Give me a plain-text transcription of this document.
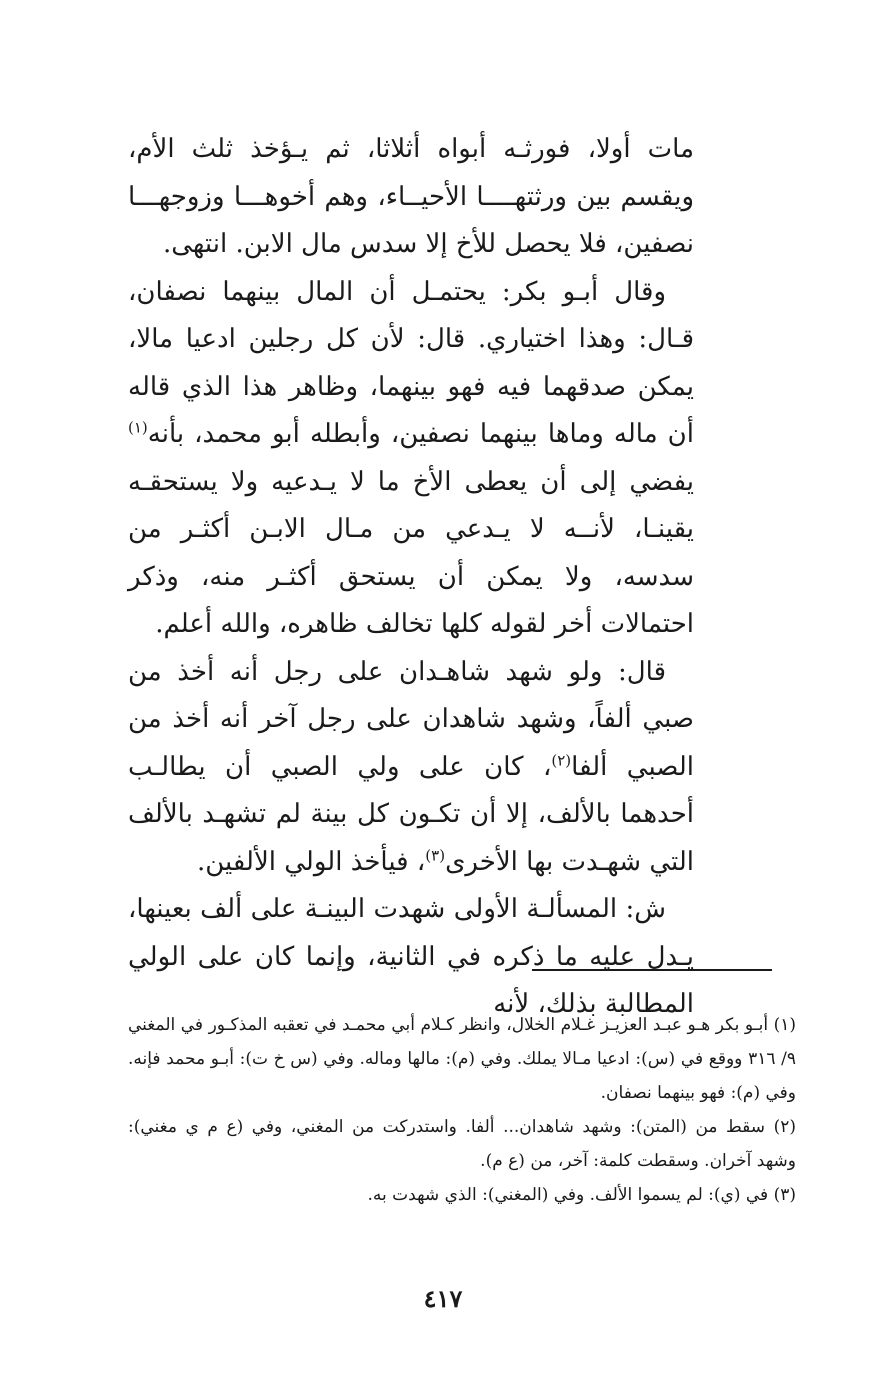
مات أولا، فورثـه أبواه أثلاثا، ثم يـؤخذ ثلث الأم، ويقسم بين ورثتهــــا الأحيــاء، وهم أخوهـــا وزوجهـــا نصفين، فلا يحصل للأخ إلا سدس مال الابن. انتهى.

وقال أبـو بكر: يحتمـل أن المال بينهما نصفان، قـال: وهذا اختياري. قال: لأن كل رجلين ادعيا مالا، يمكن صدقهما فيه فهو بينهما، وظاهر هذا الذي قاله أن ماله وماها بينهما نصفين، وأبطله أبو محمد، بأنه$^{(١)}$ يفضي إلى أن يعطى الأخ ما لا يـدعيه ولا يستحقـه يقينـا، لأنــه لا يـدعي من مـال الابـن أكثـر من سدسه، ولا يمكن أن يستحق أكثـر منه، وذكر احتمالات أخر لقوله كلها تخالف ظاهره، والله أعلم.

قال: ولو شهد شاهـدان على رجل أنه أخذ من صبي ألفاً، وشهد شاهدان على رجل آخر أنه أخذ من الصبي ألفا$^{(٢)}$، كان على ولي الصبي أن يطالـب أحدهما بالألف، إلا أن تكـون كل بينة لم تشهـد بالألف التي شهـدت بها الأخرى$^{(٣)}$، فيأخذ الولي الألفين.

ش: المسألـة الأولى شهدت البينـة على ألف بعينها، يـدل عليه ما ذكره في الثانية، وإنما كان على الولي المطالبة بذلك، لأنه

(١) أبـو بكر هـو عبـد العزيـز غـلام الخلال، وانظر كـلام أبي محمـد في تعقبه المذكـور في المغني ٩/ ٣١٦ ووقع في (س): ادعيا مـالا يملك. وفي (م): مالها وماله. وفي (س خ ت): أبـو محمد فإنه. وفي (م): فهو بينهما نصفان.

(٢) سقط من (المتن): وشهد شاهدان... ألفا. واستدركت من المغني، وفي (ع م ي مغني): وشهد آخران. وسقطت كلمة: آخر، من (ع م).

(٣) في (ي): لم يسموا الألف. وفي (المغني): الذي شهدت به.

٤١٧
